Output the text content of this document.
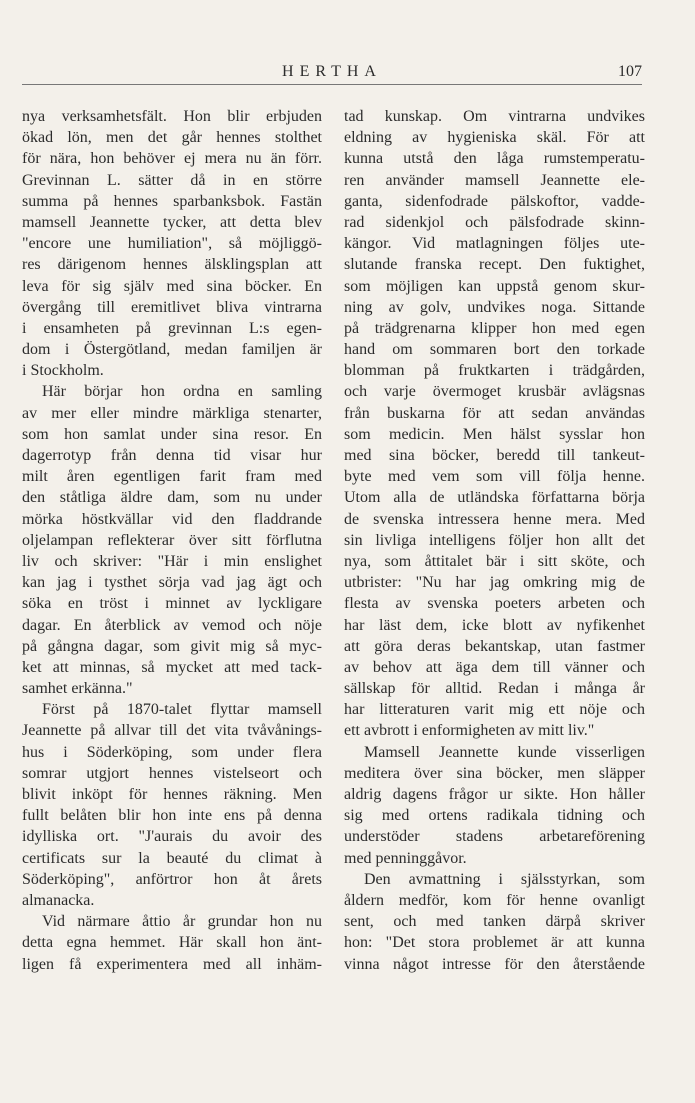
HERTHA	107
nya verksamhetsfält. Hon blir erbjuden
ökad lön, men det går hennes stolthet
för nära, hon behöver ej mera nu än förr.
Grevinnan L. sätter då in en större
summa på hennes sparbanksbok. Fastän
mamsell Jeannette tycker, att detta blev
"encore une humiliation", så möjliggö-
res därigenom hennes älsklingsplan att
leva för sig själv med sina böcker. En
övergång till eremitlivet bliva vintrarna
i ensamheten på grevinnan L:s egen-
dom i Östergötland, medan familjen är
i Stockholm.
Här börjar hon ordna en samling
av mer eller mindre märkliga stenarter,
som hon samlat under sina resor. En
dagerrotyp från denna tid visar hur
milt åren egentligen farit fram med
den ståtliga äldre dam, som nu under
mörka höstkvällar vid den fladdrande
oljelampan reflekterar över sitt förflutna
liv och skriver: "Här i min enslighet
kan jag i tysthet sörja vad jag ägt och
söka en tröst i minnet av lyckligare
dagar. En återblick av vemod och nöje
på gångna dagar, som givit mig så myc-
ket att minnas, så mycket att med tack-
samhet erkänna."
Först på 1870-talet flyttar mamsell
Jeannette på allvar till det vita tvåvånings-
hus i Söderköping, som under flera
somrar utgjort hennes vistelseort och
blivit inköpt för hennes räkning. Men
fullt belåten blir hon inte ens på denna
idylliska ort. "J'aurais du avoir des
certificats sur la beauté du climat à
Söderköping", anförtror hon åt årets
almanacka.
Vid närmare åttio år grundar hon nu
detta egna hemmet. Här skall hon änt-
ligen få experimentera med all inhäm-
tad kunskap. Om vintrarna undvikes
eldning av hygieniska skäl. För att
kunna utstå den låga rumstemperatu-
ren använder mamsell Jeannette ele-
ganta, sidenfodrade pälskoftor, vadde-
rad sidenkjol och pälsfodrade skinn-
kängor. Vid matlagningen följes ute-
slutande franska recept. Den fuktighet,
som möjligen kan uppstå genom skur-
ning av golv, undvikes noga. Sittande
på trädgrenarna klipper hon med egen
hand om sommaren bort den torkade
blomman på fruktkarten i trädgården,
och varje övermoget krusbär avlägsnas
från buskarna för att sedan användas
som medicin. Men hälst sysslar hon
med sina böcker, beredd till tankeut-
byte med vem som vill följa henne.
Utom alla de utländska författarna börja
de svenska intressera henne mera. Med
sin livliga intelligens följer hon allt det
nya, som åttitalet bär i sitt sköte, och
utbrister: "Nu har jag omkring mig de
flesta av svenska poeters arbeten och
har läst dem, icke blott av nyfikenhet
att göra deras bekantskap, utan fastmer
av behov att äga dem till vänner och
sällskap för alltid. Redan i många år
har litteraturen varit mig ett nöje och
ett avbrott i enformigheten av mitt liv."
Mamsell Jeannette kunde visserligen
meditera över sina böcker, men släpper
aldrig dagens frågor ur sikte. Hon håller
sig med ortens radikala tidning och
understöder stadens arbetareförening
med penninggåvor.
Den avmattning i själsstyrkan, som
åldern medför, kom för henne ovanligt
sent, och med tanken därpå skriver
hon: "Det stora problemet är att kunna
vinna något intresse för den återstående
